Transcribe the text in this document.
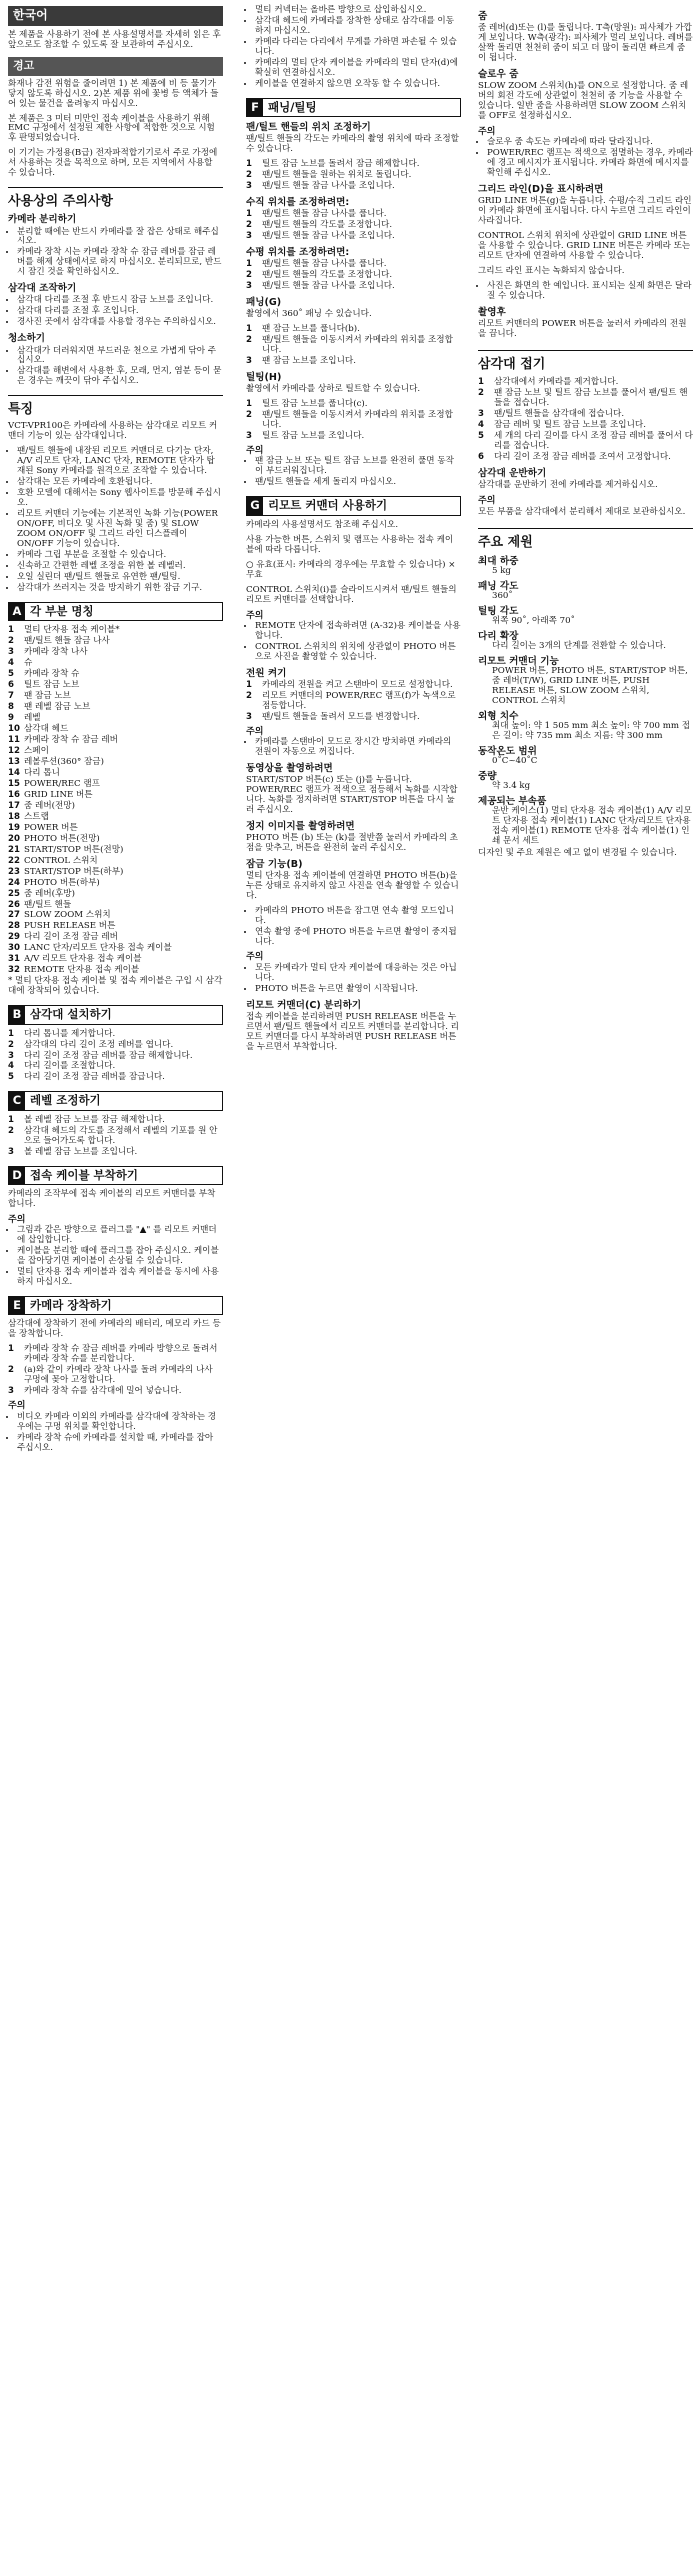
한국어

본 제품을 사용하기 전에 본 사용설명서를 자세히 읽은 후 앞으로도 참조할 수 있도록 잘 보관하여 주십시오.

경고

화재나 감전 위험을 줄이려면 1) 본 제품에 비 등 물기가 닿지 않도록 하십시오. 2)본 제품 위에 꽃병 등 액체가 들어 있는 물건을 올려놓지 마십시오.

본 제품은 3 미터 미만인 접속 케이블을 사용하기 위해 EMC 규정에서 설정된 제한 사항에 적합한 것으로 시험 후 판명되었습니다.

이 기기는 가정용(B급) 전자파적합기기로서 주로 가정에서 사용하는 것을 목적으로 하며, 모든 지역에서 사용할 수 있습니다.

사용상의 주의사항
카메라 분리하기
• 분리할 때에는 반드시 카메라를 잘 잡은 상태로 해주십시오.
• 카메라 장착 시는 카메라 장착 슈 잠금 레버를 잠금 레버를 해제 상태에서로 하지 마십시오. 분리되므로, 반드시 잠긴 것을 확인하십시오.
삼각대 조작하기
• 삼각대 다리를 조절 후 반드시 잠금 노브를 조입니다.
• 삼각대 다리를 조절 후 조입니다.
• 경사진 곳에서 삼각대를 사용할 경우는 주의하십시오.
청소하기
• 삼각대가 더러워지면 부드러운 천으로 가볍게 닦아 주십시오.
• 삼각대를 해변에서 사용한 후, 모래, 먼지, 염분 등이 묻은 경우는 깨끗이 닦아 주십시오.
특징

VCT-VPR100은 카메라에 사용하는 삼각대로 리모트 커맨더 기능이 있는 삼각대입니다.

• 팬/틸트 핸들에 내장된 리모트 커맨더로 다기능 단자, A/V 리모트 단자, LANC 단자, REMOTE 단자가 탑재된 Sony 카메라를 원격으로 조작할 수 있습니다.
• 삼각대는 모든 카메라에 호환됩니다.
• 호환 모델에 대해서는 Sony 웹사이트를 방문해 주십시오.
• 리모트 커맨더 기능에는 기본적인 녹화 기능(POWER ON/OFF, 비디오 및 사진 녹화 및 줌) 및 SLOW ZOOM ON/OFF 및 그리드 라인 디스플레이 ON/OFF 기능이 있습니다.
• 카메라 그립 부분을 조절할 수 있습니다.
• 신속하고 간편한 레벨 조정을 위한 볼 레벨러.
• 오일 실린더 팬/틸트 핸들로 유연한 팬/틸팅.
• 삼각대가 쓰러지는 것을 방지하기 위한 잠금 기구.
A 각 부분 명칭
1	멀티 단자용 접속 케이블*
2	팬/틸트 핸들 잠금 나사
3	카메라 장착 나사
4	슈
5	카메라 장착 슈
6	틸트 잠금 노브
7	팬 잠금 노브
8	팬 레벨 잠금 노브
9	레벨
10 삼각대 헤드
11 카메라 장착 슈 잠금 레버
12 스페이
13 레볼루션(360° 잠금)
14 다리 톱니
15 POWER/REC 램프
16 GRID LINE 버튼
17 줌 레버(전망)
18 스트랩
19 POWER 버튼
20 PHOTO 버튼(전망)
21 START/STOP 버튼(전망)
22 CONTROL 스위치
23 START/STOP 버튼(하부)
24 PHOTO 버튼(하부)
25 줌 레버(후방)
26 팬/틸트 핸들
27 SLOW ZOOM 스위치
28 PUSH RELEASE 버튼
29 다리 길이 조정 잠금 레버
30 LANC 단자/리모트 단자용 접속 케이블
31 A/V 리모트 단자용 접속 케이블
32 REMOTE 단자용 접속 케이블

* 멀티 단자용 접속 케이블 및 접속 케이블은 구입 시 삼각대에 장착되어 있습니다.

B 삼각대 설치하기
1	다리 톱니를 제거합니다.
2	삼각대의 다리 길이 조정 레버를 엽니다.
3	다리 길이 조정 잠금 레버를 잠금 해제합니다.
4	다리 길이를 조절합니다.
5	다리 길이 조정 잠금 레버를 잠급니다.
C 레벨 조정하기
1	볼 레벨 잠금 노브를 잠금 해제합니다.
2	삼각대 헤드의 각도를 조정해서 레벨의 기포를 원 안으로 들어가도록 합니다.
3	볼 레벨 잠금 노브를 조입니다.
D 접속 케이블 부착하기

카메라의 조작부에 접속 케이블의 리모트 커맨더를 부착합니다.

주의
• 그림과 같은 방향으로 플러그를 "▲" 를 리모트 커맨더에 삽입합니다.
• 케이블을 분리할 때에 플러그를 잡아 주십시오. 케이블을 잡아당기면 케이블이 손상될 수 있습니다.
• 멀티 단자용 접속 케이블과 접속 케이블을 동시에 사용하지 마십시오.
E 카메라 장착하기

삼각대에 장착하기 전에 카메라의 배터리, 메모리 카드 등을 장착합니다.

1	카메라 장착 슈 잠금 레버를 카메라 방향으로 돌려서 카메라 장착 슈를 분리합니다.
2	(a)와 같이 카메라 장착 나사를 돌려 카메라의 나사 구멍에 꽂아 고정합니다.
3	카메라 장착 슈를 삼각대에 밀어 넣습니다.
주의
• 비디오 카메라 이외의 카메라를 삼각대에 장착하는 경우에는 구멍 위치를 확인합니다.
• 카메라 장착 슈에 카메라를 설치할 때, 카메라를 잡아 주십시오.
• 멀티 커넥터는 올바른 방향으로 삽입하십시오.
• 삼각대 헤드에 카메라를 장착한 상태로 삼각대를 이동하지 마십시오.
• 카메라 다리는 다리에서 무게를 가하면 파손될 수 있습니다.
• 카메라의 멀티 단자 케이블을 카메라의 멀티 단자(d)에 확실히 연결하십시오.
• 케이블을 연결하지 않으면 오작동 할 수 있습니다.
F 패닝/틸팅
팬/틸트 핸들의 위치 조정하기

팬/틸트 핸들의 각도는 카메라의 촬영 위치에 따라 조정할 수 있습니다.

1	틸트 잠금 노브를 돌려서 잠금 해제합니다.
2	팬/틸트 핸들을 원하는 위치로 돌립니다.
3	팬/틸트 핸들 잠금 나사를 조입니다.
수직 위치를 조정하려면:
1	팬/틸트 핸들 잠금 나사를 풉니다.
2	팬/틸트 핸들의 각도를 조정합니다.
3	팬/틸트 핸들 잠금 나사를 조입니다.
수평 위치를 조정하려면:
1	팬/틸트 핸들 잠금 나사를 풉니다.
2	팬/틸트 핸들의 각도를 조정합니다.
3	팬/틸트 핸들 잠금 나사를 조입니다.
패닝(G)

촬영에서 360˚ 패닝 수 있습니다.

1	팬 잠금 노브를 풉니다(b).
2	팬/틸트 핸들을 이동시켜서 카메라의 위치를 조정합니다.
3	팬 잠금 노브를 조입니다.
틸팅(H)

촬영에서 카메라를 상하로 틸트할 수 있습니다.

1	틸트 잠금 노브를 풉니다(c).
2	팬/틸트 핸들을 이동시켜서 카메라의 위치를 조정합니다.
3	틸트 잠금 노브를 조입니다.
주의
• 팬 잠금 노브 또는 틸트 잠금 노브를 완전히 풀면 동작이 부드러워집니다.
• 팬/틸트 핸들을 세게 돌리지 마십시오.
G 리모트 커맨더 사용하기

카메라의 사용설명서도 참조해 주십시오.

사용 가능한 버튼, 스위치 및 램프는 사용하는 접속 케이블에 따라 다릅니다.

○ 유효(표시: 카메라의 경우에는 무효할 수 있습니다) × 무효

CONTROL 스위치(i)를 슬라이드시켜서 팬/틸트 핸들의 리모트 커맨더를 선택합니다.

주의
• REMOTE 단자에 접속하려면 (A-32)용 케이블을 사용합니다.
• CONTROL 스위치의 위치에 상관없이 PHOTO 버튼으로 사진을 촬영할 수 있습니다.
전원 켜기
1	카메라의 전원을 켜고 스탠바이 모드로 설정합니다.
2	리모트 커맨더의 POWER/REC 램프(f)가 녹색으로 점등합니다.
3	팬/틸트 핸들을 돌려서 모드를 변경합니다.
주의
• 카메라를 스탠바이 모드로 장시간 방치하면 카메라의 전원이 자동으로 꺼집니다.
동영상을 촬영하려면

START/STOP 버튼(c) 또는 (j)를 누릅니다. POWER/REC 램프가 적색으로 점등해서 녹화를 시작합니다. 녹화를 정지하려면 START/STOP 버튼을 다시 눌러 주십시오.

정지 이미지를 촬영하려면

PHOTO 버튼 (b) 또는 (k)를 절반쯤 눌러서 카메라의 초점을 맞추고, 버튼을 완전히 눌러 주십시오.

잠금 기능(B)

멀티 단자용 접속 케이블에 연결하면 PHOTO 버튼(b)을 누른 상태로 유지하지 않고 사진을 연속 촬영할 수 있습니다.

• 카메라의 PHOTO 버튼을 잠그면 연속 촬영 모드입니다.
• 연속 촬영 중에 PHOTO 버튼을 누르면 촬영이 중지됩니다.
주의
• 모든 카메라가 멀티 단자 케이블에 대응하는 것은 아닙니다.
• PHOTO 버튼을 누르면 촬영이 시작됩니다.
리모트 커맨더(C) 분리하기

접속 케이블을 분리하려면 PUSH RELEASE 버튼을 누르면서 팬/틸트 핸들에서 리모트 커맨더를 분리합니다. 리모트 커맨더를 다시 부착하려면 PUSH RELEASE 버튼을 누르면서 부착합니다.

줌

줌 레버(d)또는 (l)를 돌립니다. T측(망원): 피사체가 가깝게 보입니다. W측(광각): 피사체가 멀리 보입니다. 레버를 살짝 돌리면 천천히 줌이 되고 더 많이 돌리면 빠르게 줌이 됩니다.

슬로우 줌

SLOW ZOOM 스위치(h)를 ON으로 설정합니다. 줌 레버의 회전 각도에 상관없이 천천히 줌 기능을 사용할 수 있습니다. 일반 줌을 사용하려면 SLOW ZOOM 스위치를 OFF로 설정하십시오.

주의
• 슬로우 줌 속도는 카메라에 따라 달라집니다.
• POWER/REC 램프는 적색으로 점멸하는 경우, 카메라에 경고 메시지가 표시됩니다. 카메라 화면에 메시지를 확인해 주십시오.
그리드 라인(D)을 표시하려면

GRID LINE 버튼(g)을 누릅니다. 수평/수직 그리드 라인이 카메라 화면에 표시됩니다. 다시 누르면 그리드 라인이 사라집니다.

CONTROL 스위치 위치에 상관없이 GRID LINE 버튼을 사용할 수 있습니다. GRID LINE 버튼은 카메라 또는 리모트 단자에 연결하여 사용할 수 있습니다.

그리드 라인 표시는 녹화되지 않습니다.

• 사진은 화면의 한 예입니다. 표시되는 실제 화면은 달라질 수 있습니다.
촬영후

리모트 커맨더의 POWER 버튼을 눌러서 카메라의 전원을 끕니다.

삼각대 접기
1	삼각대에서 카메라를 제거합니다.
2	팬 잠금 노브 및 틸트 잠금 노브를 풀어서 팬/틸트 핸들을 접습니다.
3	팬/틸트 핸들을 삼각대에 접습니다.
4	잠금 레버 및 틸트 잠금 노브를 조입니다.
5	세 개의 다리 길이를 다시 조정 잠금 레버를 풀어서 다리를 접습니다.
6	다리 길이 조정 잠금 레버를 조여서 고정합니다.
삼각대 운반하기

삼각대를 운반하기 전에 카메라를 제거하십시오.

주의

모든 부품을 삼각대에서 분리해서 제대로 보관하십시오.

주요 제원
최대 하중
5 kg
패닝 각도
360˚
틸팅 각도
위쪽 90˚, 아래쪽 70˚
다리 확장
다리 길이는 3개의 단계를 전환할 수 있습니다.
리모트 커맨더 기능
POWER 버튼, PHOTO 버튼, START/STOP 버튼, 줌 레버(T/W), GRID LINE 버튼, PUSH RELEASE 버튼, SLOW ZOOM 스위치, CONTROL 스위치
외형 치수
최대 높이: 약 1 505 mm 최소 높이: 약 700 mm 접은 길이: 약 735 mm 최소 지름: 약 300 mm
동작온도 범위
0˚C~40˚C
중량
약 3.4 kg
제공되는 부속품
운반 케이스(1) 멀티 단자용 접속 케이블(1) A/V 리모트 단자용 접속 케이블(1) LANC 단자/리모트 단자용 접속 케이블(1) REMOTE 단자용 접속 케이블(1) 인쇄 문서 세트

디자인 및 주요 제원은 예고 없이 변경될 수 있습니다.
